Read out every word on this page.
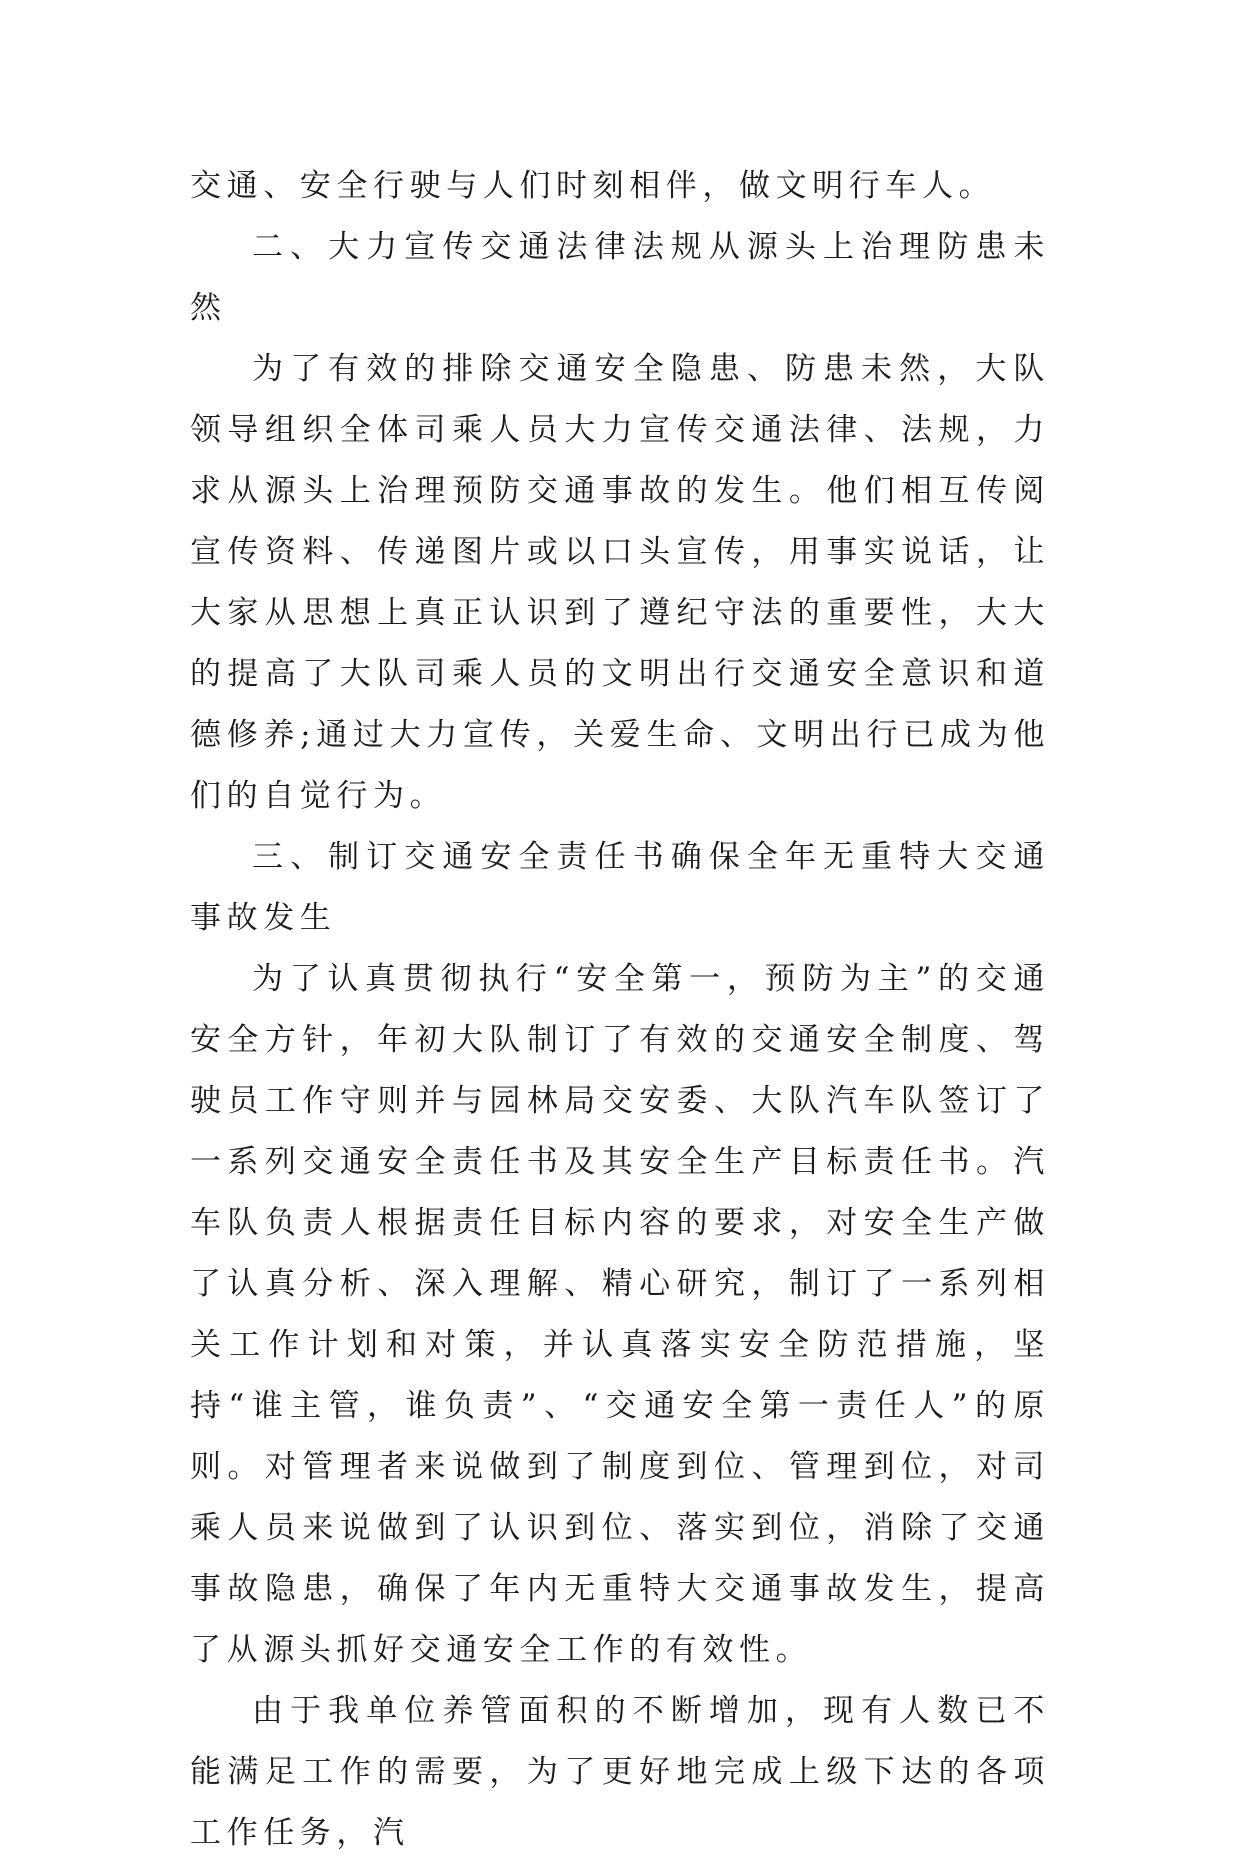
交通、安全行驶与人们时刻相伴，做文明行车人。

二、大力宣传交通法律法规从源头上治理防患未然

为了有效的排除交通安全隐患、防患未然，大队领导组织全体司乘人员大力宣传交通法律、法规，力求从源头上治理预防交通事故的发生。他们相互传阅宣传资料、传递图片或以口头宣传，用事实说话，让大家从思想上真正认识到了遵纪守法的重要性，大大的提高了大队司乘人员的文明出行交通安全意识和道德修养;通过大力宣传，关爱生命、文明出行已成为他们的自觉行为。

三、制订交通安全责任书确保全年无重特大交通事故发生

为了认真贯彻执行“安全第一，预防为主”的交通安全方针，年初大队制订了有效的交通安全制度、驾驶员工作守则并与园林局交安委、大队汽车队签订了一系列交通安全责任书及其安全生产目标责任书。汽车队负责人根据责任目标内容的要求，对安全生产做了认真分析、深入理解、精心研究，制订了一系列相关工作计划和对策，并认真落实安全防范措施，坚持“谁主管，谁负责”、“交通安全第一责任人”的原则。对管理者来说做到了制度到位、管理到位，对司乘人员来说做到了认识到位、落实到位，消除了交通事故隐患，确保了年内无重特大交通事故发生，提高了从源头抓好交通安全工作的有效性。

由于我单位养管面积的不断增加，现有人数已不能满足工作的需要，为了更好地完成上级下达的各项工作任务，汽
